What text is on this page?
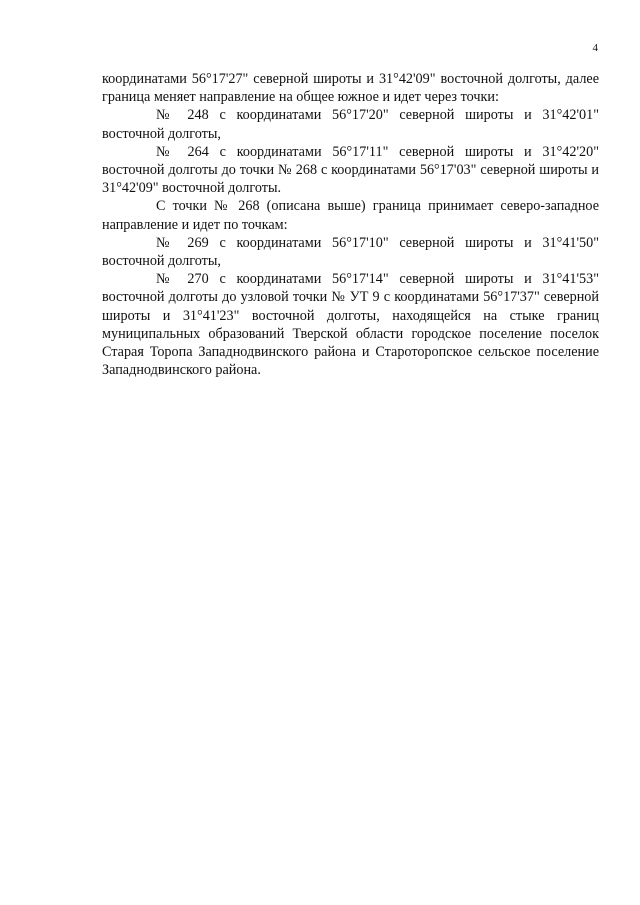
4

координатами 56°17'27" северной широты и 31°42'09" восточной долготы, далее граница меняет направление на общее южное и идет через точки:

№ 248 с координатами 56°17'20" северной широты и 31°42'01" восточной долготы,

№ 264 с координатами 56°17'11" северной широты и 31°42'20" восточной долготы до точки № 268 с координатами 56°17'03" северной широты и 31°42'09" восточной долготы.

С точки № 268 (описана выше) граница принимает северо-западное направление и идет по точкам:

№ 269 с координатами 56°17'10" северной широты и 31°41'50" восточной долготы,

№ 270 с координатами 56°17'14" северной широты и 31°41'53" восточной долготы до узловой точки № УТ 9 с координатами 56°17'37" северной широты и 31°41'23" восточной долготы, находящейся на стыке границ муниципальных образований Тверской области городское поселение поселок Старая Торопа Западнодвинского района и Староторопское сельское поселение Западнодвинского района.
